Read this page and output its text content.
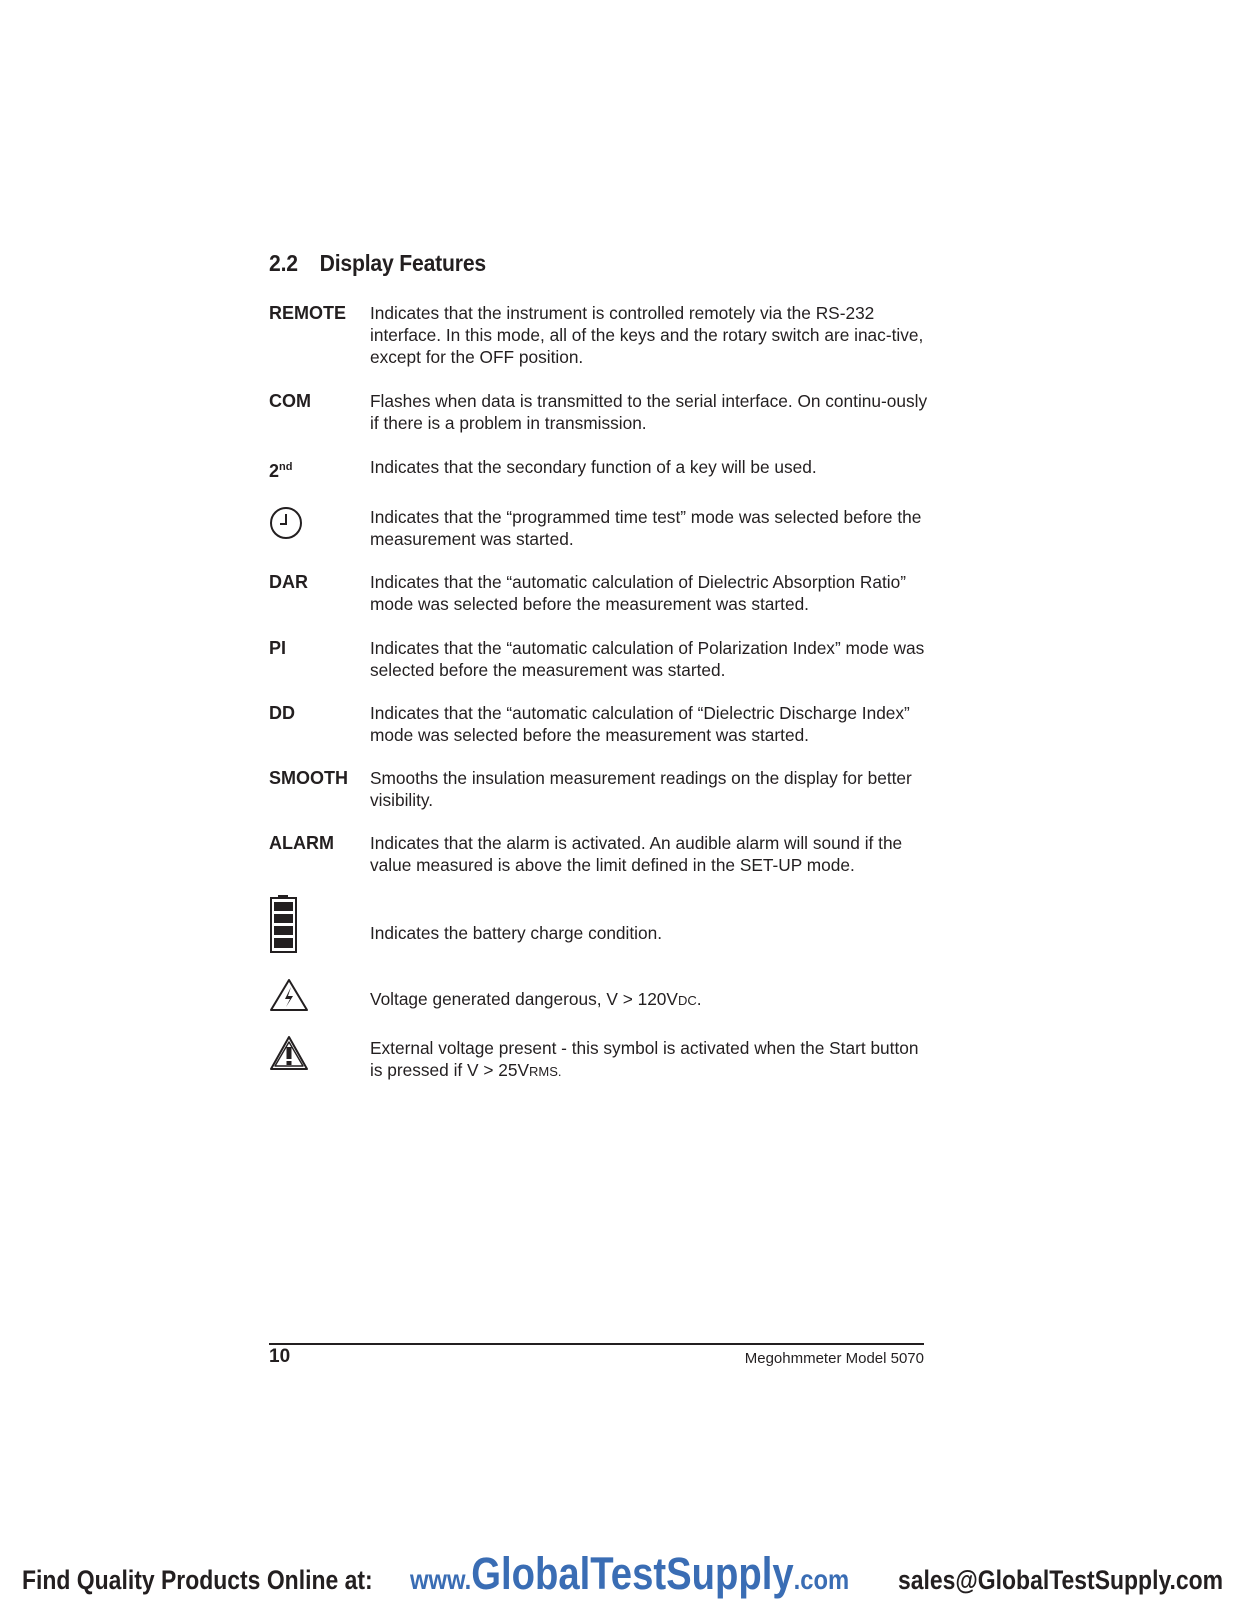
2.2 Display Features
REMOTE	Indicates that the instrument is controlled remotely via the RS-232 interface. In this mode, all of the keys and the rotary switch are inac-tive, except for the OFF position.

COM	Flashes when data is transmitted to the serial interface. On continu-ously if there is a problem in transmission.

2nd	Indicates that the secondary function of a key will be used.

Indicates that the “programmed time test” mode was selected before the measurement was started.

DAR	Indicates that the “automatic calculation of Dielectric Absorption Ratio” mode was selected before the measurement was started.

PI	Indicates that the “automatic calculation of Polarization Index” mode was selected before the measurement was started.

DD	Indicates that the “automatic calculation of “Dielectric Discharge Index” mode was selected before the measurement was started.

SMOOTH	Smooths the insulation measurement readings on the display for better visibility.

ALARM	Indicates that the alarm is activated. An audible alarm will sound if the value measured is above the limit defined in the SET-UP mode.

Indicates the battery charge condition.

Voltage generated dangerous, V > 120VDC.

External voltage present - this symbol is activated when the Start button is pressed if V > 25VRMS.

10	Megohmmeter Model 5070
Find Quality Products Online at: www.GlobalTestSupply.com sales@GlobalTestSupply.com
